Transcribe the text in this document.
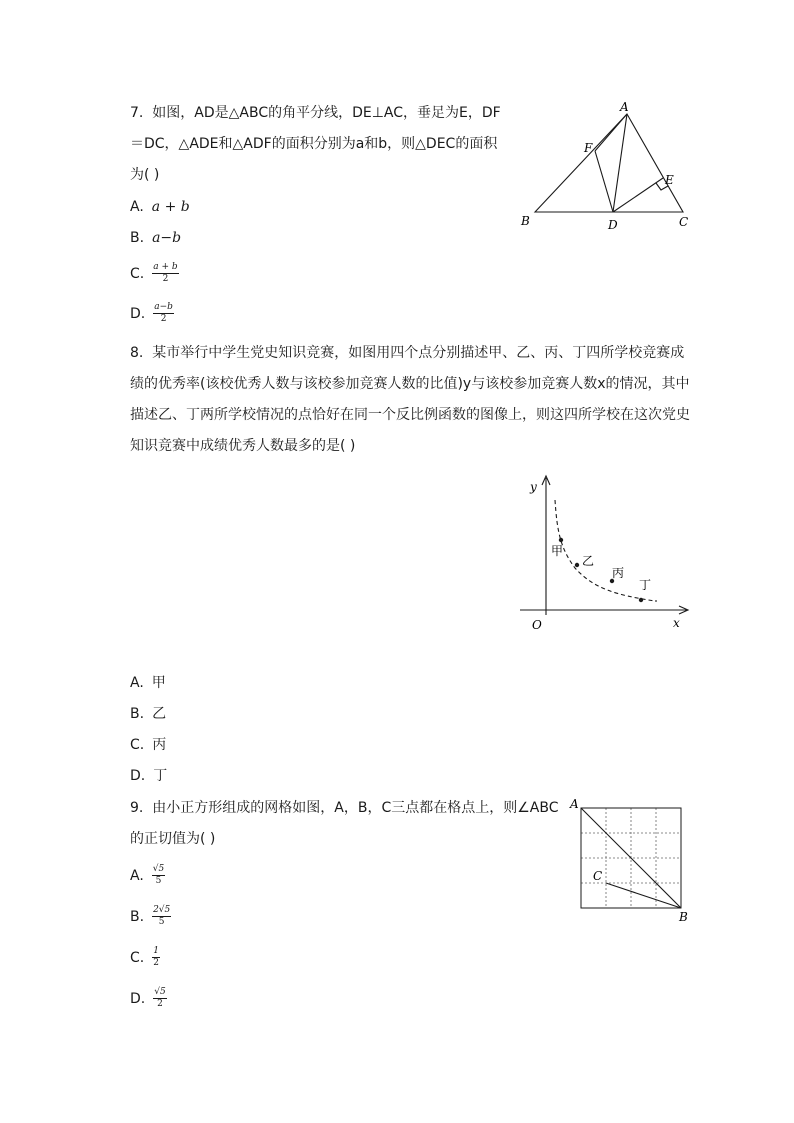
7. 如图，AD是△ABC的角平分线，DE⊥AC，垂足为E，DF
＝DC，△ADE和△ADF的面积分别为a和b，则△DEC的面积
为( )
A. a + b
B. a−b
C. $\frac{a + b}{2}$
D. $\frac{a-b}{2}$
A
B	C
D
E
F
8. 某市举行中学生党史知识竞赛，如图用四个点分别描述甲、乙、丙、丁四所学校竞赛成
绩的优秀率(该校优秀人数与该校参加竞赛人数的比值)y与该校参加竞赛人数x的情况，其中
描述乙、丁两所学校情况的点恰好在同一个反比例函数的图像上，则这四所学校在这次党史
知识竞赛中成绩优秀人数最多的是( )
y
x
O
甲
乙
丙
丁
A. 甲
B. 乙
C. 丙
D. 丁
9. 由小正方形组成的网格如图，A，B，C三点都在格点上，则∠ABC
的正切值为( )
A. $\frac{√5}{5}$
B. $\frac{2√5}{5}$
C. $\frac{1}{2}$
D. $\frac{√5}{2}$
A
B
C
